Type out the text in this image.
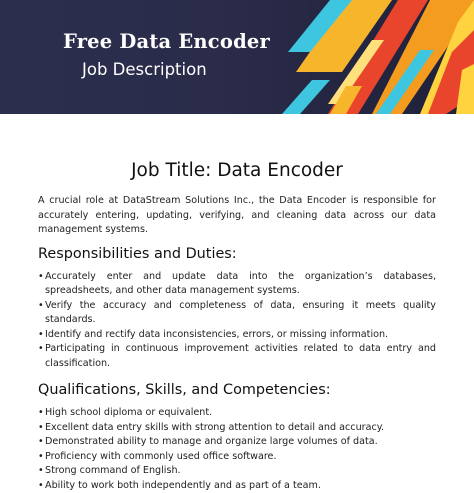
Free Data Encoder

Job Description

Job Title: Data Encoder

A crucial role at DataStream Solutions Inc., the Data Encoder is responsible for accurately entering, updating, verifying, and cleaning data across our data management systems.

Responsibilities and Duties:
• Accurately enter and update data into the organization’s databases, spreadsheets, and other data management systems.
• Verify the accuracy and completeness of data, ensuring it meets quality standards.
• Identify and rectify data inconsistencies, errors, or missing information.
• Participating in continuous improvement activities related to data entry and classification.
Qualifications, Skills, and Competencies:
• High school diploma or equivalent.
• Excellent data entry skills with strong attention to detail and accuracy.
• Demonstrated ability to manage and organize large volumes of data.
• Proficiency with commonly used office software.
• Strong command of English.
• Ability to work both independently and as part of a team.
